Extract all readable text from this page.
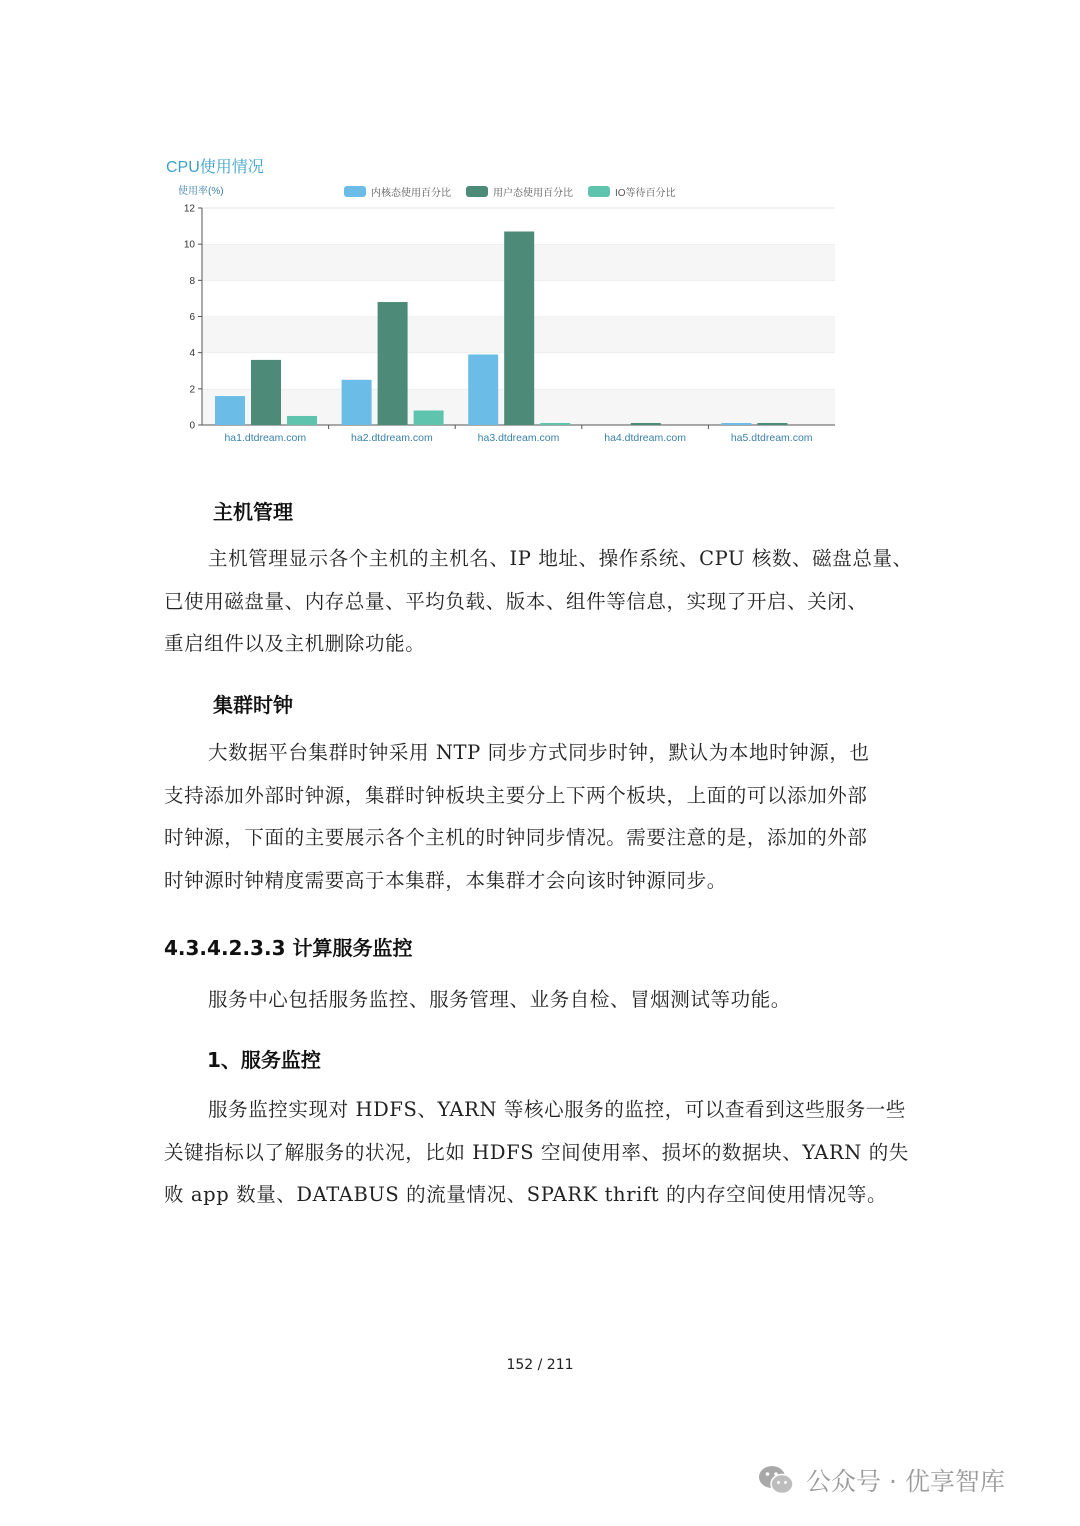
CPU使用情况
使用率(%)	内核态使用百分比	用户态使用百分比	IO等待百分比
0
2
4
6
8
10
12
ha1.dtdream.com	ha2.dtdream.com	ha3.dtdream.com	ha4.dtdream.com	ha5.dtdream.com
主机管理

主机管理显示各个主机的主机名、IP 地址、操作系统、CPU 核数、磁盘总量、
已使用磁盘量、内存总量、平均负载、版本、组件等信息，实现了开启、关闭、
重启组件以及主机删除功能。

集群时钟

大数据平台集群时钟采用 NTP 同步方式同步时钟，默认为本地时钟源，也
支持添加外部时钟源，集群时钟板块主要分上下两个板块，上面的可以添加外部
时钟源，下面的主要展示各个主机的时钟同步情况。需要注意的是，添加的外部
时钟源时钟精度需要高于本集群，本集群才会向该时钟源同步。

4.3.4.2.3.3 计算服务监控

服务中心包括服务监控、服务管理、业务自检、冒烟测试等功能。

1、服务监控

服务监控实现对 HDFS、YARN 等核心服务的监控，可以查看到这些服务一些
关键指标以了解服务的状况，比如 HDFS 空间使用率、损坏的数据块、YARN 的失
败 app 数量、DATABUS 的流量情况、SPARK thrift 的内存空间使用情况等。

152 / 211
公众号 · 优享智库
